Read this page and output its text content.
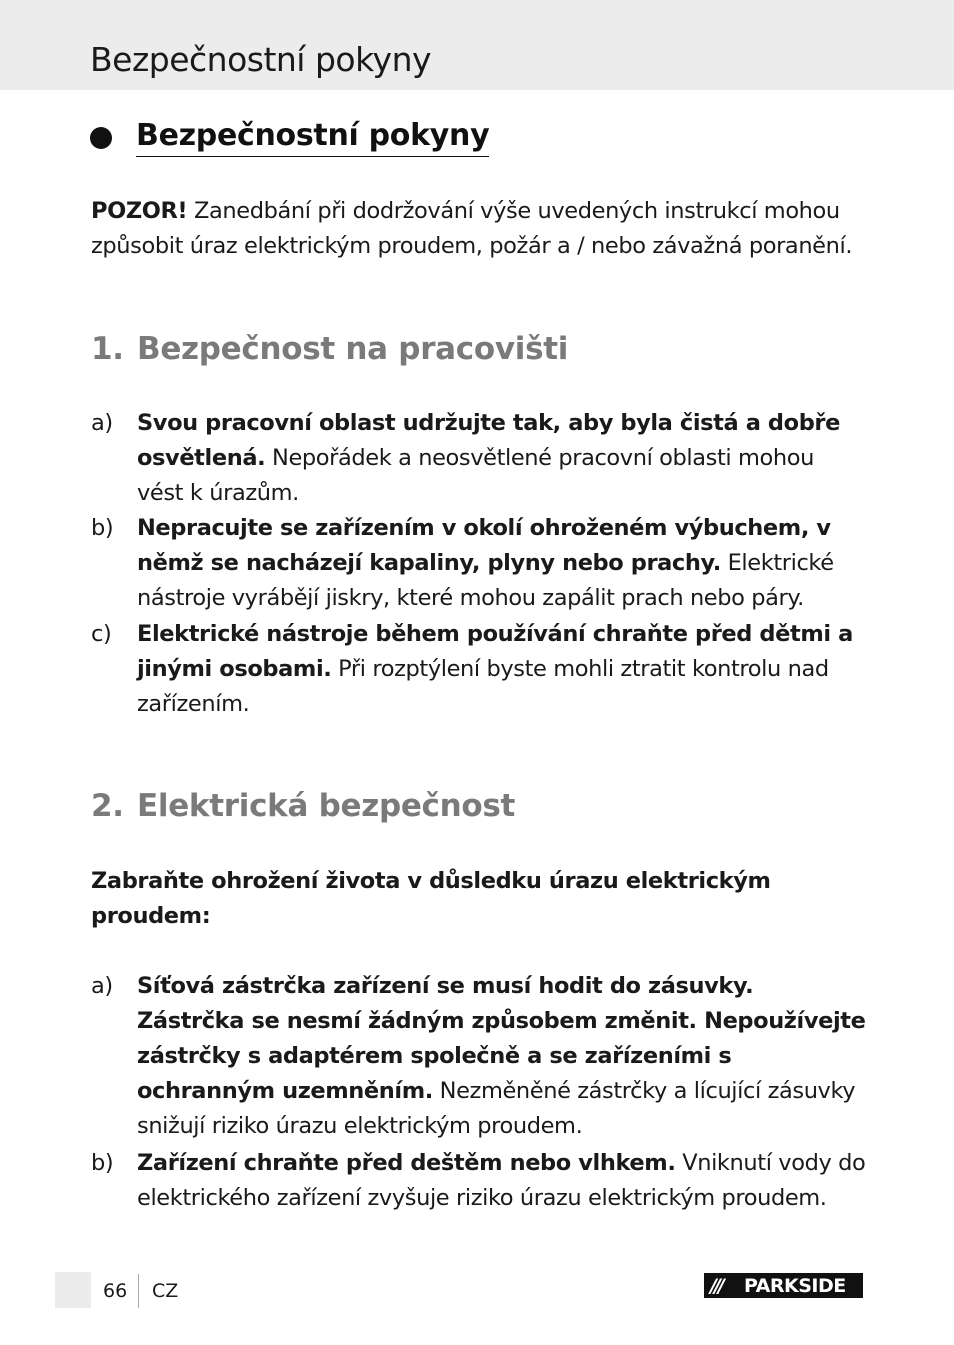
Bezpečnostní pokyny
Bezpečnostní pokyny
POZOR! Zanedbání při dodržování výše uvedených instrukcí mohou způsobit úraz elektrickým proudem, požár a / nebo závažná poranění.
1. Bezpečnost na pracovišti
a)	Svou pracovní oblast udržujte tak, aby byla čistá a dobře osvětlená. Nepořádek a neosvětlené pracovní oblasti mohou vést k úrazům.
b)	Nepracujte se zařízením v okolí ohroženém výbuchem, v němž se nacházejí kapaliny, plyny nebo prachy. Elektrické nástroje vyrábějí jiskry, které mohou zapálit prach nebo páry.
c)	Elektrické nástroje během používání chraňte před dětmi a jinými osobami. Při rozptýlení byste mohli ztratit kontrolu nad zařízením.
2. Elektrická bezpečnost
Zabraňte ohrožení života v důsledku úrazu elektrickým proudem:
a)	Síťová zástrčka zařízení se musí hodit do zásuvky. Zástrčka se nesmí žádným způsobem změnit. Nepoužívejte zástrčky s adaptérem společně a se zařízeními s ochranným uzemněním. Nezměněné zástrčky a lícující zásuvky snižují riziko úrazu elektrickým proudem.
b)	Zařízení chraňte před deštěm nebo vlhkem. Vniknutí vody do elektrického zařízení zvyšuje riziko úrazu elektrickým proudem.
66 CZ	///	PARKSIDE
